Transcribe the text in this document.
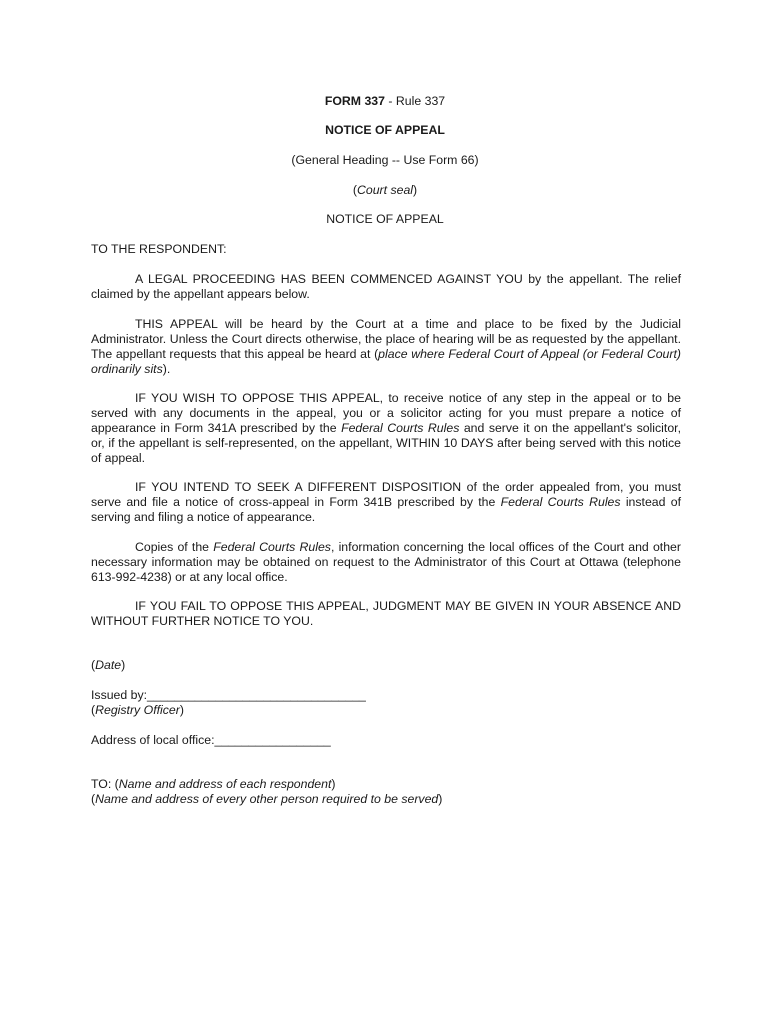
FORM 337 - Rule 337
NOTICE OF APPEAL
(General Heading -- Use Form 66)
(Court seal)
NOTICE OF APPEAL
TO THE RESPONDENT:
A LEGAL PROCEEDING HAS BEEN COMMENCED AGAINST YOU by the appellant. The relief claimed by the appellant appears below.
THIS APPEAL will be heard by the Court at a time and place to be fixed by the Judicial Administrator. Unless the Court directs otherwise, the place of hearing will be as requested by the appellant. The appellant requests that this appeal be heard at (place where Federal Court of Appeal (or Federal Court) ordinarily sits).
IF YOU WISH TO OPPOSE THIS APPEAL, to receive notice of any step in the appeal or to be served with any documents in the appeal, you or a solicitor acting for you must prepare a notice of appearance in Form 341A prescribed by the Federal Courts Rules and serve it on the appellant's solicitor, or, if the appellant is self-represented, on the appellant, WITHIN 10 DAYS after being served with this notice of appeal.
IF YOU INTEND TO SEEK A DIFFERENT DISPOSITION of the order appealed from, you must serve and file a notice of cross-appeal in Form 341B prescribed by the Federal Courts Rules instead of serving and filing a notice of appearance.
Copies of the Federal Courts Rules, information concerning the local offices of the Court and other necessary information may be obtained on request to the Administrator of this Court at Ottawa (telephone 613-992-4238) or at any local office.
IF YOU FAIL TO OPPOSE THIS APPEAL, JUDGMENT MAY BE GIVEN IN YOUR ABSENCE AND WITHOUT FURTHER NOTICE TO YOU.
(Date)
Issued by:________________________________
(Registry Officer)
Address of local office:_________________
TO: (Name and address of each respondent)
(Name and address of every other person required to be served)
